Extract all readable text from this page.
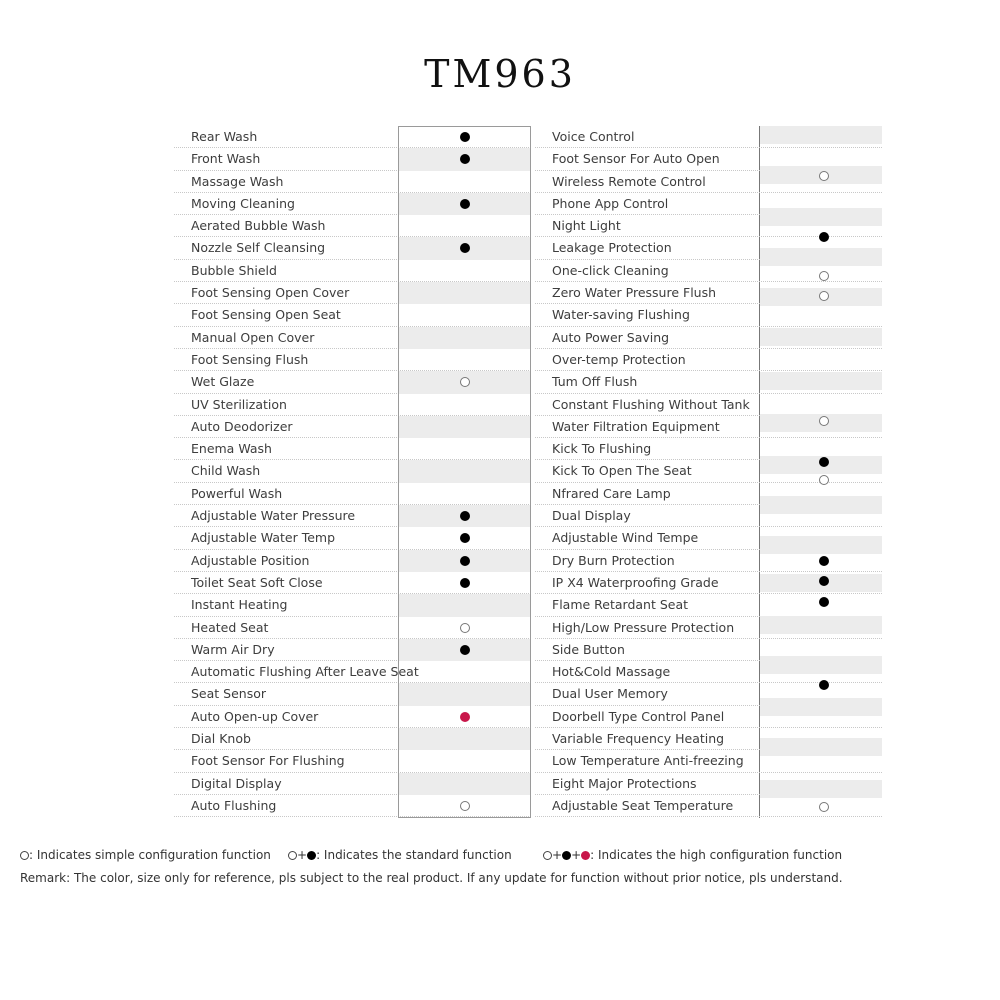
TM963
Rear Wash
Front Wash
Massage Wash
Moving Cleaning
Aerated Bubble Wash
Nozzle Self Cleansing
Bubble Shield
Foot Sensing Open Cover
Foot Sensing Open Seat
Manual Open Cover
Foot Sensing Flush
Wet Glaze
UV Sterilization
Auto Deodorizer
Enema Wash
Child Wash
Powerful Wash
Adjustable Water Pressure
Adjustable Water Temp
Adjustable Position
Toilet Seat Soft Close
Instant Heating
Heated Seat
Warm Air Dry
Automatic Flushing After Leave Seat
Seat Sensor
Auto Open-up Cover
Dial Knob
Foot Sensor For Flushing
Digital Display
Auto Flushing
Voice Control
Foot Sensor For Auto Open
Wireless Remote Control
Phone App Control
Night Light
Leakage Protection
One-click Cleaning
Zero Water Pressure Flush
Water-saving Flushing
Auto Power Saving
Over-temp Protection
Tum Off Flush
Constant Flushing Without Tank
Water Filtration Equipment
Kick To Flushing
Kick To Open The Seat
Nfrared Care Lamp
Dual Display
Adjustable Wind Tempe
Dry Burn Protection
IP X4 Waterproofing Grade
Flame Retardant Seat
High/Low Pressure Protection
Side Button
Hot&Cold Massage
Dual User Memory
Doorbell Type Control Panel
Variable Frequency Heating
Low Temperature Anti-freezing
Eight Major Protections
Adjustable Seat Temperature
: Indicates simple configuration function	+ : Indicates the standard function	+ + : Indicates the high configuration function
Remark: The color, size only for reference, pls subject to the real product. If any update for function without prior notice, pls understand.
